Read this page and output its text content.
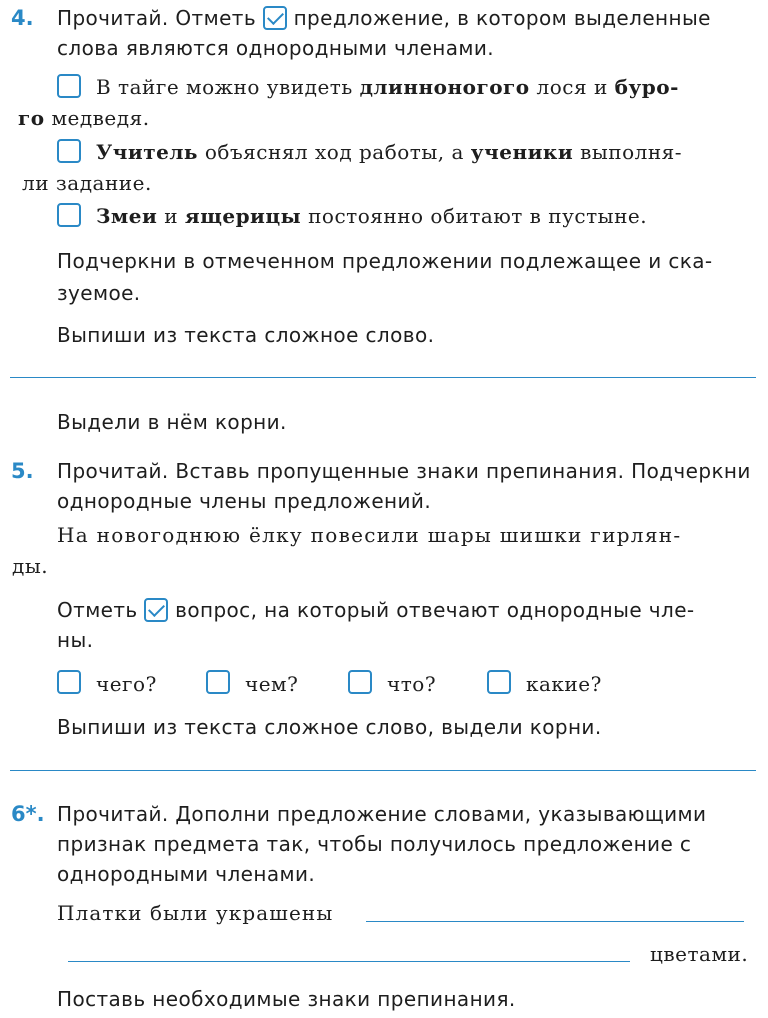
4. Прочитай. Отметь предложение, в котором выделенные
слова являются однородными членами.
В тайге можно увидеть длинноногого лося и буро-
го медведя.
Учитель объяснял ход работы, а ученики выполня-
ли задание.
Змеи и ящерицы постоянно обитают в пустыне.
Подчеркни в отмеченном предложении подлежащее и ска-
зуемое.
Выпиши из текста сложное слово.
Выдели в нём корни.
5. Прочитай. Вставь пропущенные знаки препинания. Подчеркни
однородные члены предложений.
На новогоднюю ёлку повесили шары шишки гирлян-
ды.
Отметь вопрос, на который отвечают однородные чле-
ны.
чего?	чем?	что?	какие?
Выпиши из текста сложное слово, выдели корни.
6*. Прочитай. Дополни предложение словами, указывающими
признак предмета так, чтобы получилось предложение с
однородными членами.
Платки были украшены
цветами.
Поставь необходимые знаки препинания.
